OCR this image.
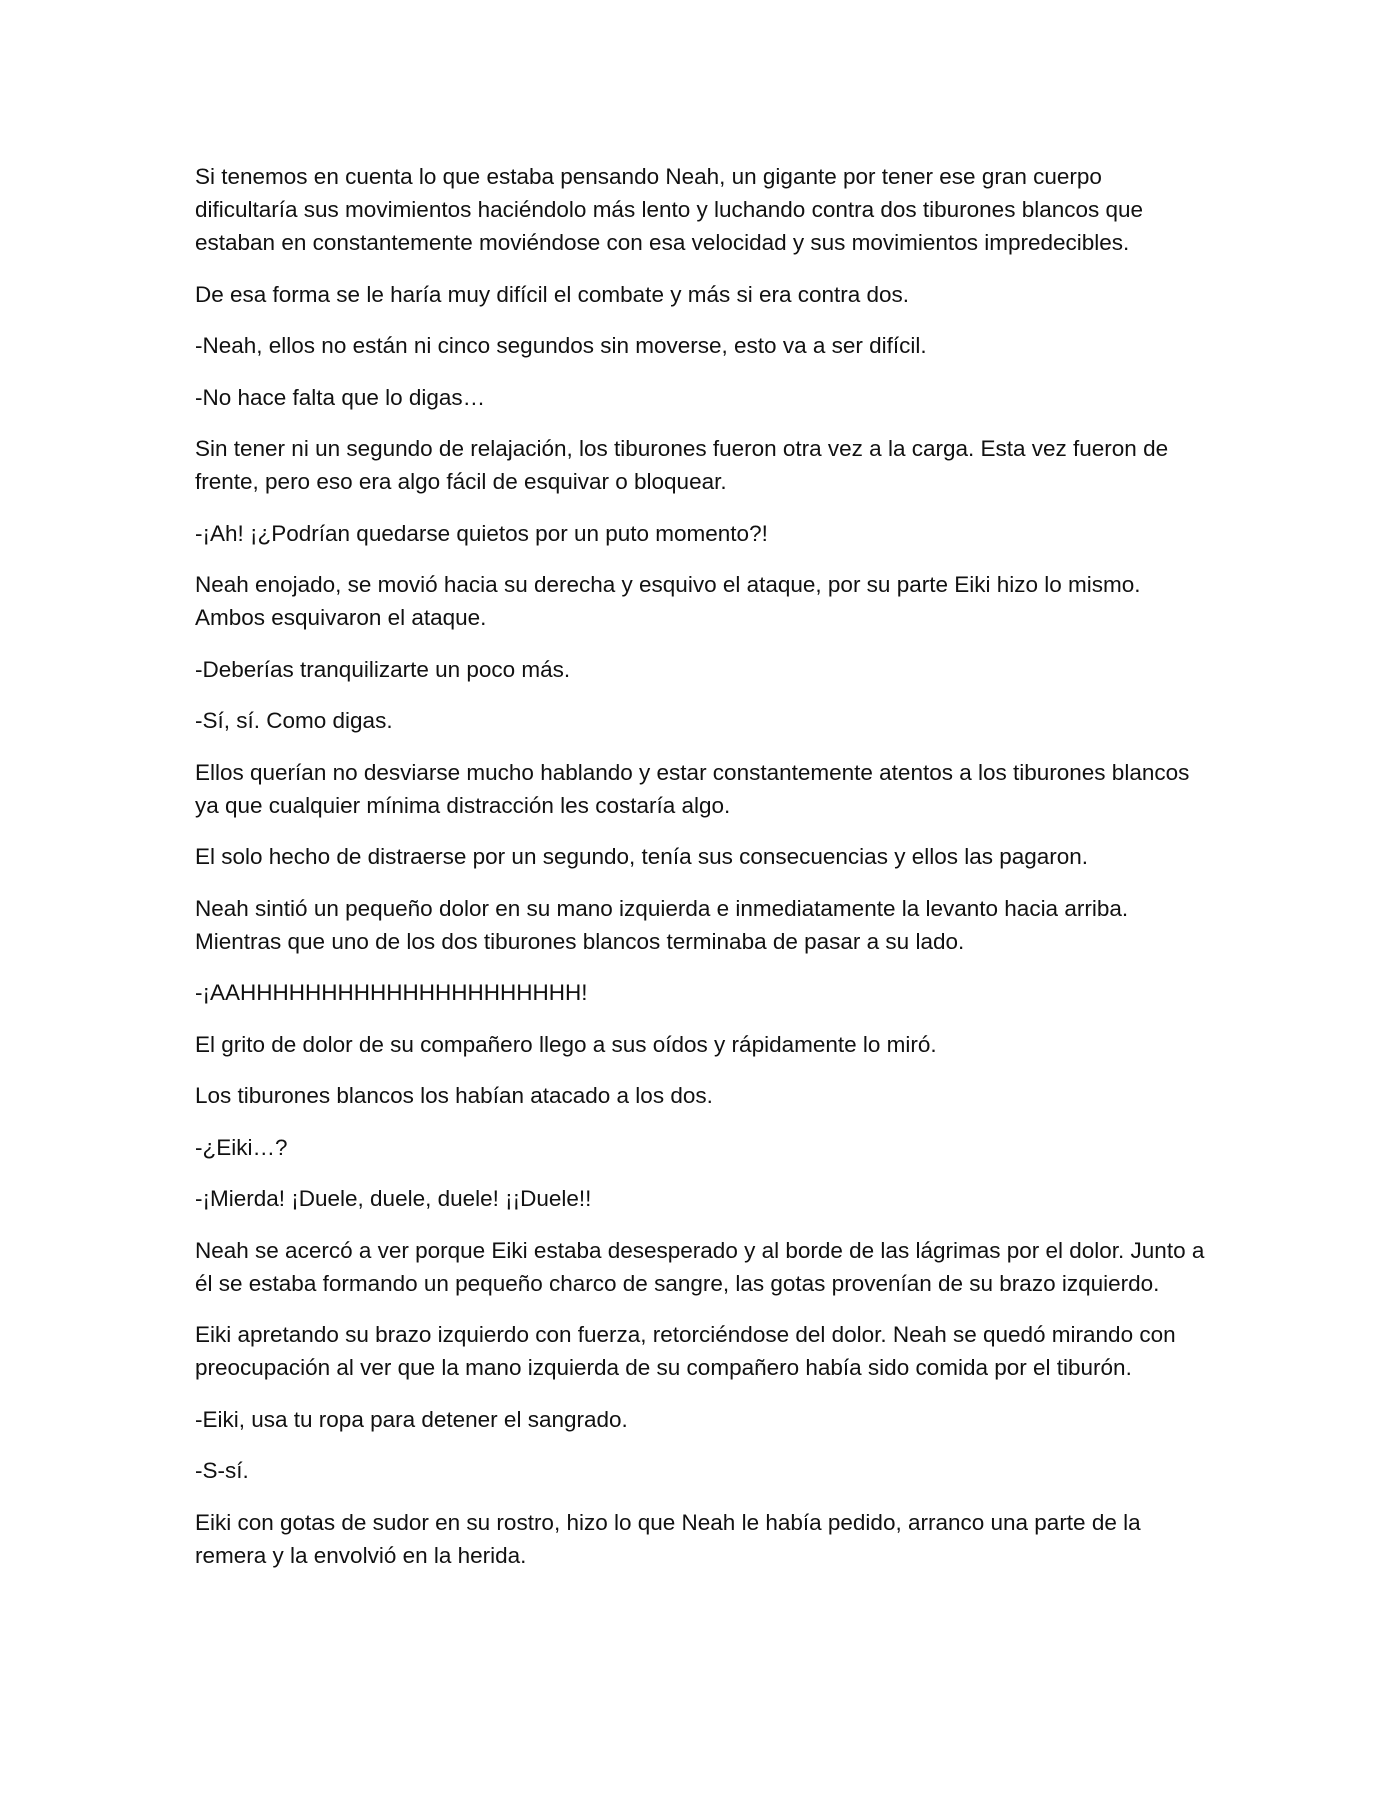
Si tenemos en cuenta lo que estaba pensando Neah, un gigante por tener ese gran cuerpo dificultaría sus movimientos haciéndolo más lento y luchando contra dos tiburones blancos que estaban en constantemente moviéndose con esa velocidad y sus movimientos impredecibles.

De esa forma se le haría muy difícil el combate y más si era contra dos.

-Neah, ellos no están ni cinco segundos sin moverse, esto va a ser difícil.

-No hace falta que lo digas…

Sin tener ni un segundo de relajación, los tiburones fueron otra vez a la carga. Esta vez fueron de frente, pero eso era algo fácil de esquivar o bloquear.

-¡Ah! ¡¿Podrían quedarse quietos por un puto momento?!

Neah enojado, se movió hacia su derecha y esquivo el ataque, por su parte Eiki hizo lo mismo. Ambos esquivaron el ataque.

-Deberías tranquilizarte un poco más.

-Sí, sí. Como digas.

Ellos querían no desviarse mucho hablando y estar constantemente atentos a los tiburones blancos ya que cualquier mínima distracción les costaría algo.

El solo hecho de distraerse por un segundo, tenía sus consecuencias y ellos las pagaron.

Neah sintió un pequeño dolor en su mano izquierda e inmediatamente la levanto hacia arriba. Mientras que uno de los dos tiburones blancos terminaba de pasar a su lado.

-¡AAHHHHHHHHHHHHHHHHHHHHH!

El grito de dolor de su compañero llego a sus oídos y rápidamente lo miró.

Los tiburones blancos los habían atacado a los dos.

-¿Eiki…?

-¡Mierda! ¡Duele, duele, duele! ¡¡Duele!!

Neah se acercó a ver porque Eiki estaba desesperado y al borde de las lágrimas por el dolor. Junto a él se estaba formando un pequeño charco de sangre, las gotas provenían de su brazo izquierdo.

Eiki apretando su brazo izquierdo con fuerza, retorciéndose del dolor. Neah se quedó mirando con preocupación al ver que la mano izquierda de su compañero había sido comida por el tiburón.

-Eiki, usa tu ropa para detener el sangrado.

-S-sí.

Eiki con gotas de sudor en su rostro, hizo lo que Neah le había pedido, arranco una parte de la remera y la envolvió en la herida.
